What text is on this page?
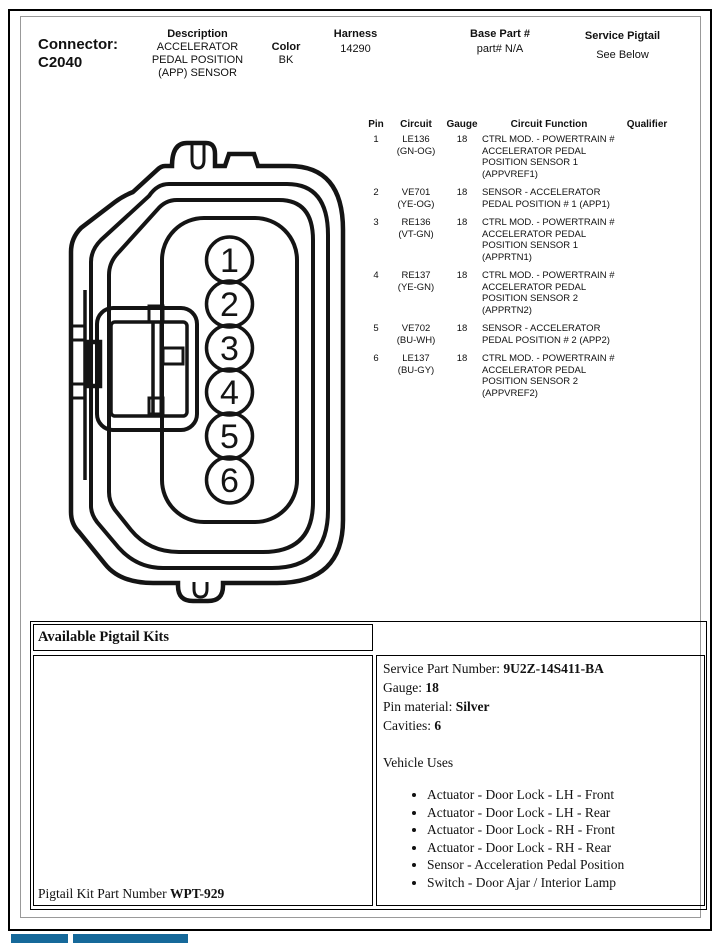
Connector:
C2040
Description
ACCELERATOR
PEDAL POSITION
(APP) SENSOR
Color
BK
Harness
14290
Base Part #
part# N/A
Service Pigtail
See Below
Pin	Circuit	Gauge	Circuit Function	Qualifier
1	LE136
(GN-OG)	18	CTRL MOD. - POWERTRAIN # ACCELERATOR PEDAL POSITION SENSOR 1 (APPVREF1)	
2	VE701
(YE-OG)	18	SENSOR - ACCELERATOR PEDAL POSITION # 1 (APP1)	
3	RE136
(VT-GN)	18	CTRL MOD. - POWERTRAIN # ACCELERATOR PEDAL POSITION SENSOR 1 (APPRTN1)	
4	RE137
(YE-GN)	18	CTRL MOD. - POWERTRAIN # ACCELERATOR PEDAL POSITION SENSOR 2 (APPRTN2)	
5	VE702
(BU-WH)	18	SENSOR - ACCELERATOR PEDAL POSITION # 2 (APP2)	
6	LE137
(BU-GY)	18	CTRL MOD. - POWERTRAIN # ACCELERATOR PEDAL POSITION SENSOR 2 (APPVREF2)	
1
2
3
4
5
6
Available Pigtail Kits
Pigtail Kit Part Number WPT-929
Service Part Number: 9U2Z-14S411-BA
Gauge: 18
Pin material: Silver
Cavities: 6
Vehicle Uses
• Actuator - Door Lock - LH - Front
• Actuator - Door Lock - LH - Rear
• Actuator - Door Lock - RH - Front
• Actuator - Door Lock - RH - Rear
• Sensor - Acceleration Pedal Position
• Switch - Door Ajar / Interior Lamp
